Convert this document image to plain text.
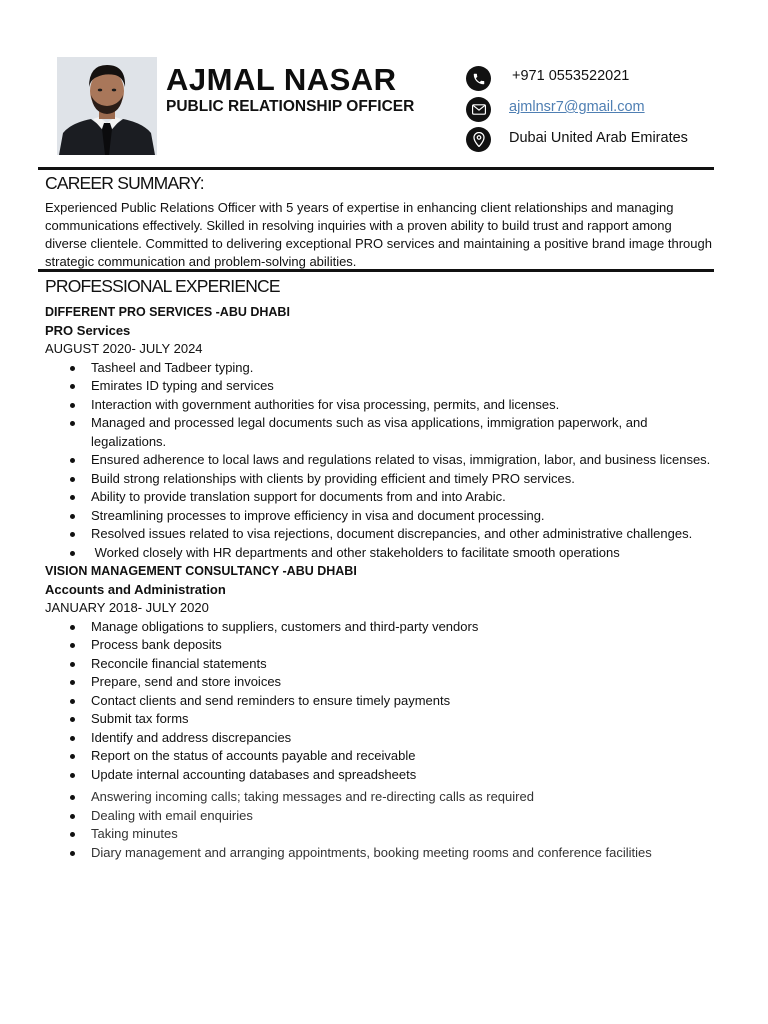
AJMAL NASAR
PUBLIC RELATIONSHIP OFFICER
+971 0553522021
ajmlnsr7@gmail.com
Dubai United Arab Emirates
CAREER SUMMARY:
Experienced Public Relations Officer with 5 years of expertise in enhancing client relationships and managing communications effectively. Skilled in resolving inquiries with a proven ability to build trust and rapport among diverse clientele. Committed to delivering exceptional PRO services and maintaining a positive brand image through strategic communication and problem-solving abilities.
PROFESSIONAL EXPERIENCE
DIFFERENT PRO SERVICES -ABU DHABI
PRO Services
AUGUST 2020- JULY 2024
Tasheel and Tadbeer typing.
Emirates ID typing and services
Interaction with government authorities for visa processing, permits, and licenses.
Managed and processed legal documents such as visa applications, immigration paperwork, and legalizations.
Ensured adherence to local laws and regulations related to visas, immigration, labor, and business licenses.
Build strong relationships with clients by providing efficient and timely PRO services.
Ability to provide translation support for documents from and into Arabic.
Streamlining processes to improve efficiency in visa and document processing.
Resolved issues related to visa rejections, document discrepancies, and other administrative challenges.
Worked closely with HR departments and other stakeholders to facilitate smooth operations
VISION MANAGEMENT CONSULTANCY -ABU DHABI
Accounts and Administration
JANUARY 2018- JULY 2020
Manage obligations to suppliers, customers and third-party vendors
Process bank deposits
Reconcile financial statements
Prepare, send and store invoices
Contact clients and send reminders to ensure timely payments
Submit tax forms
Identify and address discrepancies
Report on the status of accounts payable and receivable
Update internal accounting databases and spreadsheets
Answering incoming calls; taking messages and re-directing calls as required
Dealing with email enquiries
Taking minutes
Diary management and arranging appointments, booking meeting rooms and conference facilities
